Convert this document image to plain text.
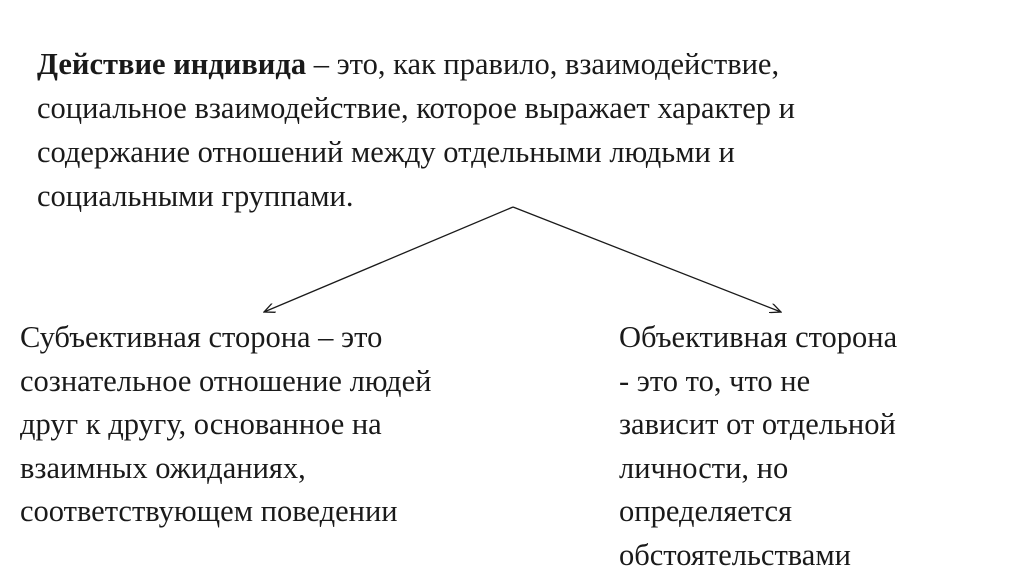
Действие индивида – это, как правило, взаимодействие,
социальное взаимодействие, которое выражает характер и
содержание отношений между отдельными людьми и
социальными группами.

Субъективная сторона – это
сознательное отношение людей
друг к другу, основанное на
взаимных ожиданиях,
соответствующем поведении

Объективная сторона
- это то, что не
зависит от отдельной
личности, но
определяется
обстоятельствами
